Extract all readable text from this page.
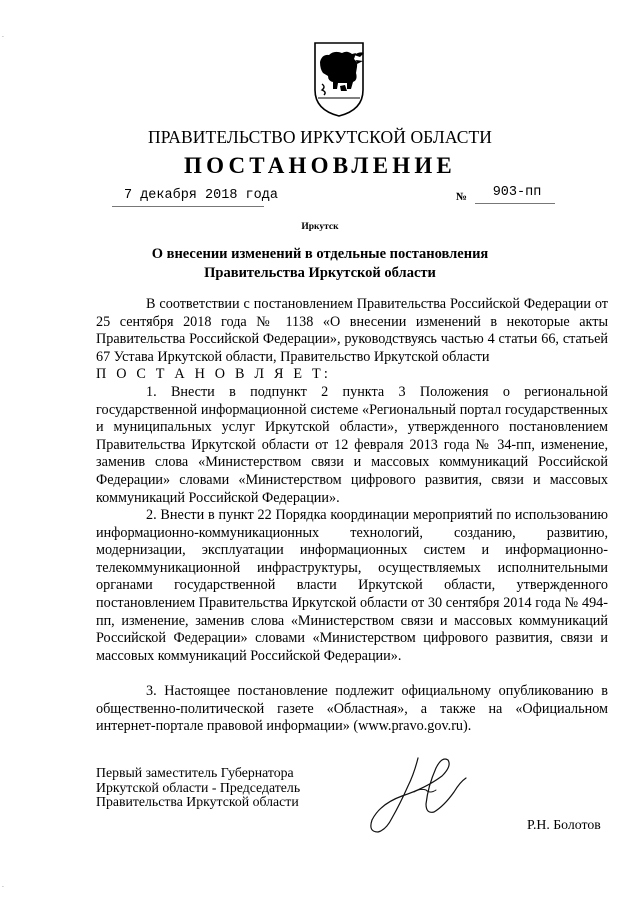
·
·
ПРАВИТЕЛЬСТВО ИРКУТСКОЙ ОБЛАСТИ
ПОСТАНОВЛЕНИЕ
7 декабря 2018 года	№	903-пп
Иркутск
О внесении изменений в отдельные постановления Правительства Иркутской области
В соответствии с постановлением Правительства Российской Федерации от 25 сентября 2018 года № 1138 «О внесении изменений в некоторые акты Правительства Российской Федерации», руководствуясь частью 4 статьи 66, статьей 67 Устава Иркутской области, Правительство Иркутской области
П О С Т А Н О В Л Я Е Т:
1. Внести в подпункт 2 пункта 3 Положения о региональной государственной информационной системе «Региональный портал государственных и муниципальных услуг Иркутской области», утвержденного постановлением Правительства Иркутской области от 12 февраля 2013 года № 34-пп, изменение, заменив слова «Министерством связи и массовых коммуникаций Российской Федерации» словами «Министерством цифрового развития, связи и массовых коммуникаций Российской Федерации».
2. Внести в пункт 22 Порядка координации мероприятий по использованию информационно-коммуникационных технологий, созданию, развитию, модернизации, эксплуатации информационных систем и информационно-телекоммуникационной инфраструктуры, осуществляемых исполнительными органами государственной власти Иркутской области, утвержденного постановлением Правительства Иркутской области от 30 сентября 2014 года № 494-пп, изменение, заменив слова «Министерством связи и массовых коммуникаций Российской Федерации» словами «Министерством цифрового развития, связи и массовых коммуникаций Российской Федерации».
3. Настоящее постановление подлежит официальному опубликованию в общественно-политической газете «Областная», а также на «Официальном интернет-портале правовой информации» (www.pravo.gov.ru).
Первый заместитель Губернатора
Иркутской области - Председатель
Правительства Иркутской области
Р.Н. Болотов
